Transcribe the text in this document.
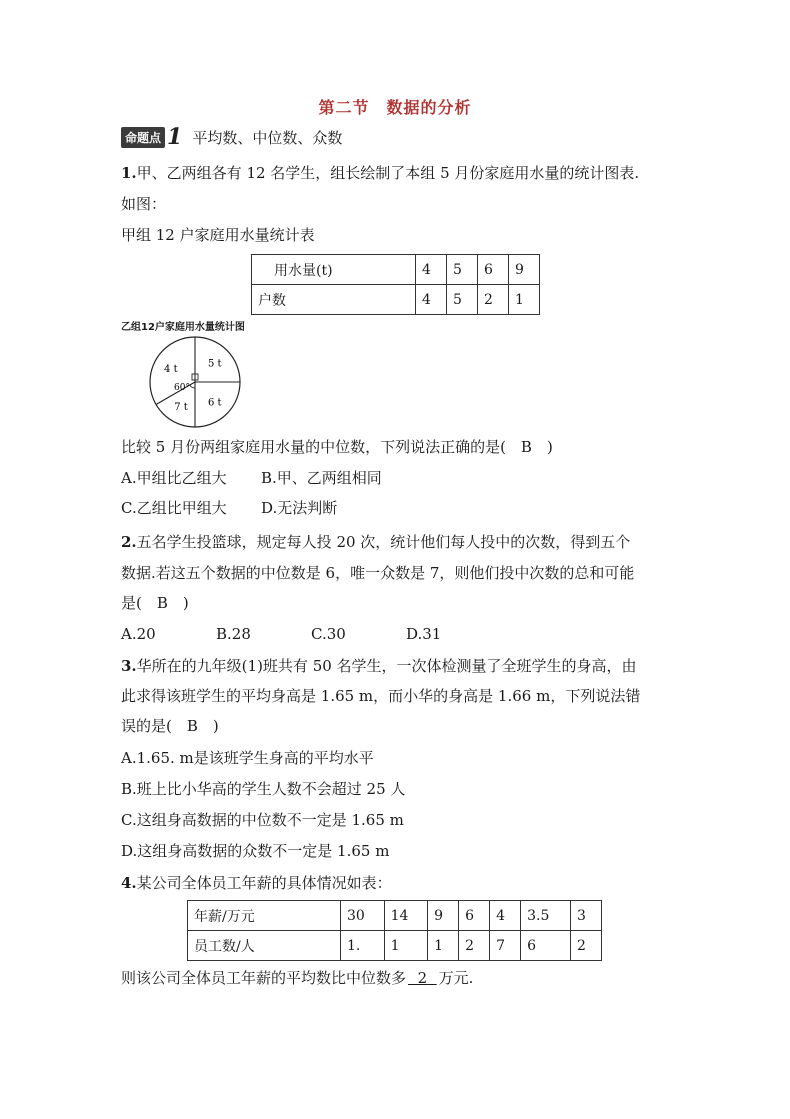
第二节　数据的分析
命题点 1 平均数、中位数、众数
1.甲、乙两组各有 12 名学生，组长绘制了本组 5 月份家庭用水量的统计图表.
如图：
甲组 12 户家庭用水量统计表
用水量(t)	4	5	6	9
户数	4	5	2	1
乙组12户家庭用水量统计图
5 t
6 t
7 t
4 t
60°
比较 5 月份两组家庭用水量的中位数，下列说法正确的是(　B　)
A.甲组比乙组大 B.甲、乙两组相同
C.乙组比甲组大 D.无法判断
2.五名学生投篮球，规定每人投 20 次，统计他们每人投中的次数，得到五个
数据.若这五个数据的中位数是 6，唯一众数是 7，则他们投中次数的总和可能
是(　B　)
A.20	B.28	C.30	D.31
3.华所在的九年级(1)班共有 50 名学生，一次体检测量了全班学生的身高，由
此求得该班学生的平均身高是 1.65 m，而小华的身高是 1.66 m，下列说法错
误的是(　B　)
A.1.65. m是该班学生身高的平均水平
B.班上比小华高的学生人数不会超过 25 人
C.这组身高数据的中位数不一定是 1.65 m
D.这组身高数据的众数不一定是 1.65 m
4.某公司全体员工年薪的具体情况如表：
年薪/万元	30	14	9	6	4	3.5	3
员工数/人	1.	1	1	2	7	6	2
则该公司全体员工年薪的平均数比中位数多 2 万元.
